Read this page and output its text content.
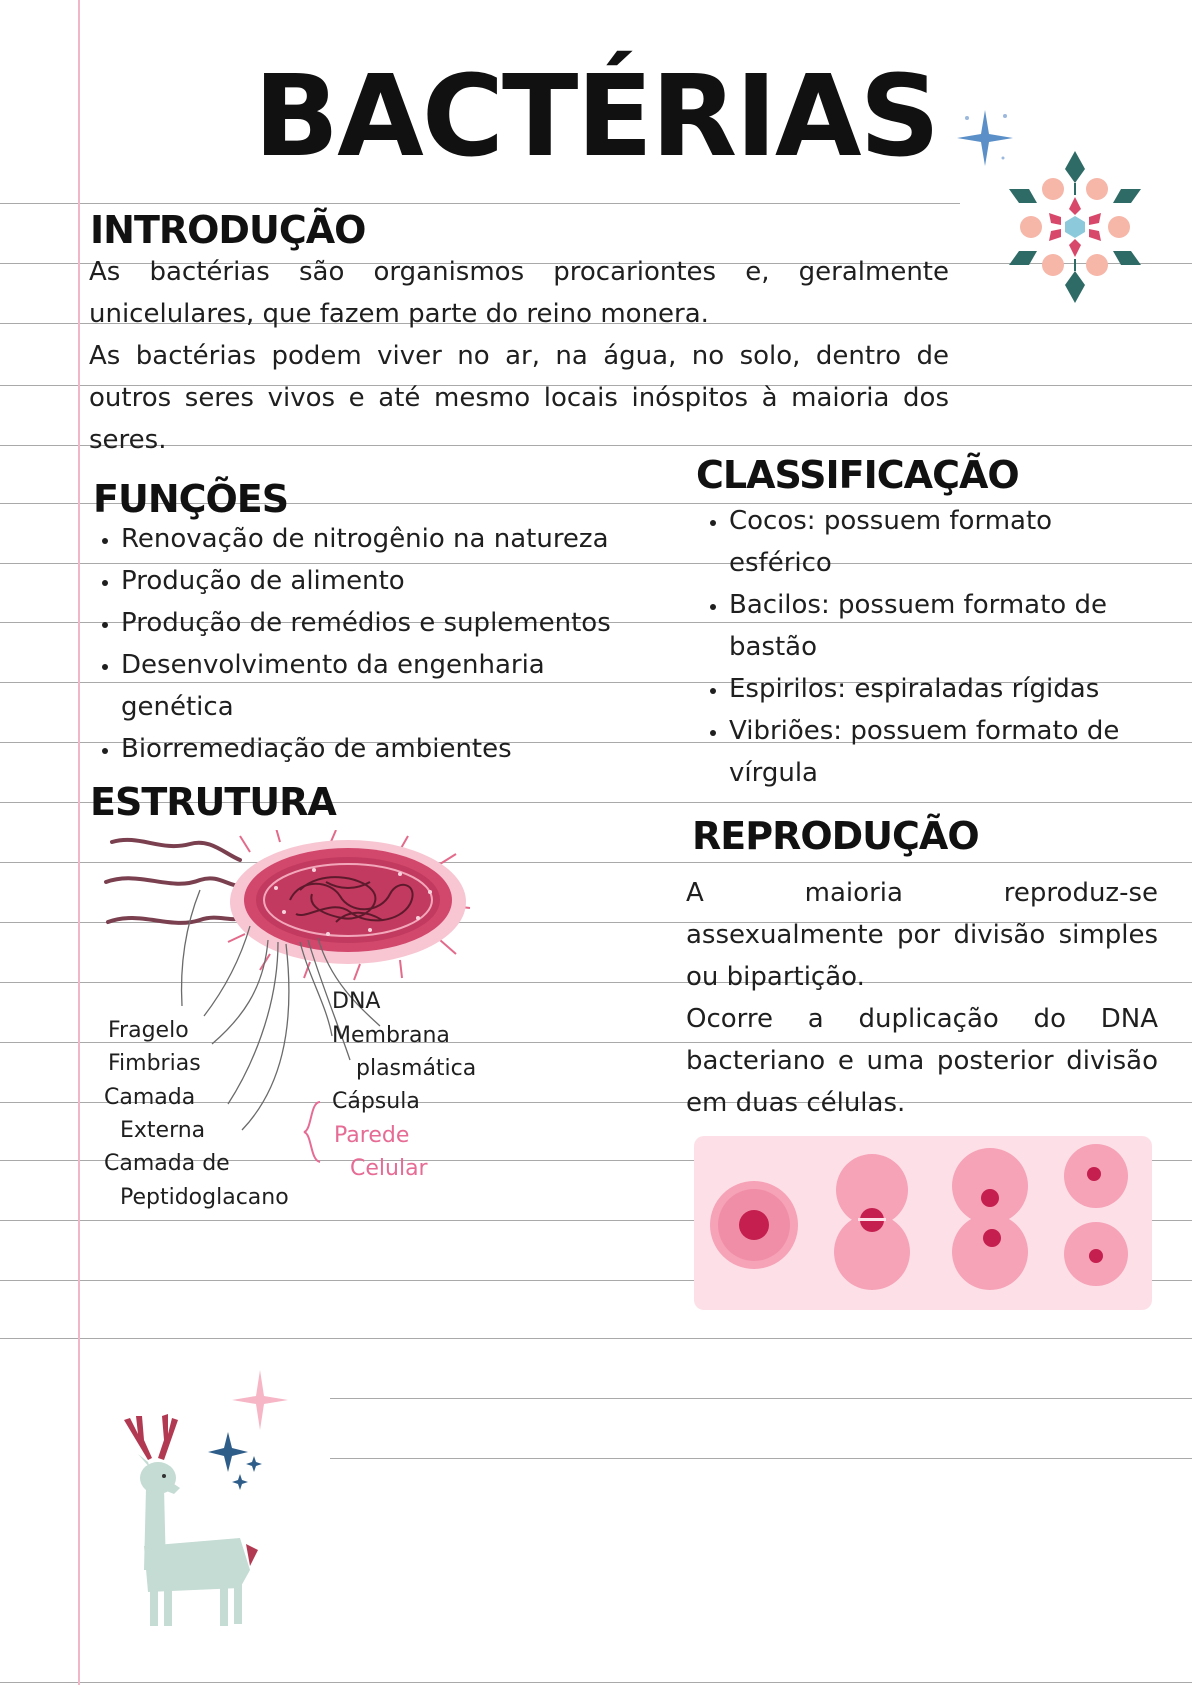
BACTÉRIAS
INTRODUÇÃO

As bactérias são organismos procariontes e, geralmente unicelulares, que fazem parte do reino monera.

As bactérias podem viver no ar, na água, no solo, dentro de outros seres vivos e até mesmo locais inóspitos à maioria dos seres.

FUNÇÕES
• Renovação de nitrogênio na natureza
• Produção de alimento
• Produção de remédios e suplementos
• Desenvolvimento da engenharia genética
• Biorremediação de ambientes
CLASSIFICAÇÃO
• Cocos: possuem formato esférico
• Bacilos: possuem formato de bastão
• Espirilos: espiraladas rígidas
• Vibriões: possuem formato de vírgula
ESTRUTURA
Fragelo
Fimbrias
Camada
Externa
Camada de
Peptidoglacano
DNA
Membrana
plasmática
Cápsula
Parede
Celular
REPRODUÇÃO

A maioria reproduz-se assexualmente por divisão simples ou bipartição.

Ocorre a duplicação do DNA bacteriano e uma posterior divisão em duas células.
